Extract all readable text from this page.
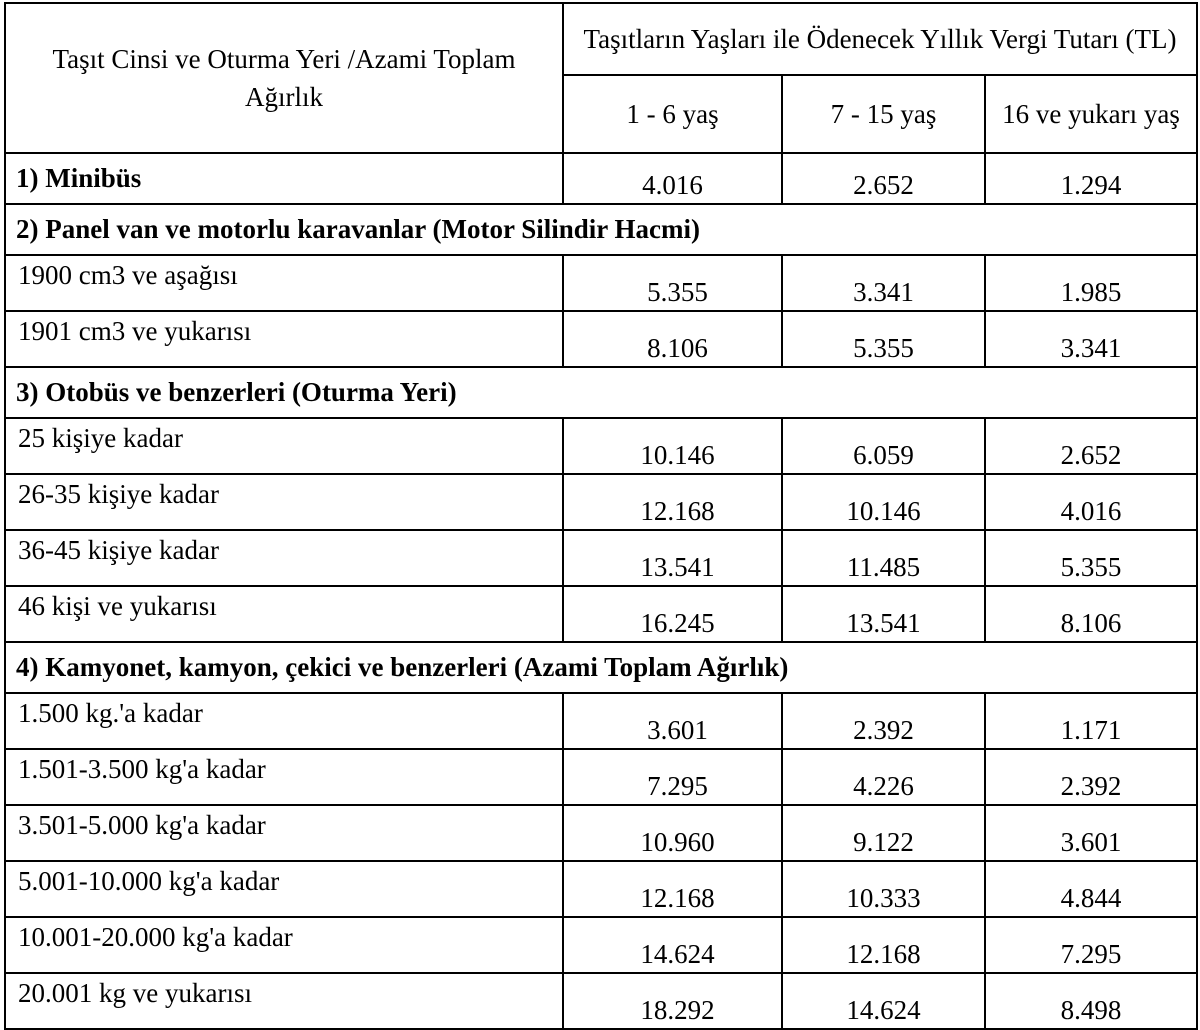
Taşıt Cinsi ve Oturma Yeri /Azami Toplam Ağırlık	Taşıtların Yaşları ile Ödenecek Yıllık Vergi Tutarı (TL)		
	1 - 6 yaş	7 - 15 yaş	16 ve yukarı yaş
1) Minibüs	4.016	2.652	1.294
2) Panel van ve motorlu karavanlar (Motor Silindir Hacmi)			
1900 cm3 ve aşağısı	5.355	3.341	1.985
1901 cm3 ve yukarısı	8.106	5.355	3.341
3) Otobüs ve benzerleri (Oturma Yeri)			
25 kişiye kadar	10.146	6.059	2.652
26-35 kişiye kadar	12.168	10.146	4.016
36-45 kişiye kadar	13.541	11.485	5.355
46 kişi ve yukarısı	16.245	13.541	8.106
4) Kamyonet, kamyon, çekici ve benzerleri (Azami Toplam Ağırlık)			
1.500 kg.'a kadar	3.601	2.392	1.171
1.501-3.500 kg'a kadar	7.295	4.226	2.392
3.501-5.000 kg'a kadar	10.960	9.122	3.601
5.001-10.000 kg'a kadar	12.168	10.333	4.844
10.001-20.000 kg'a kadar	14.624	12.168	7.295
20.001 kg ve yukarısı	18.292	14.624	8.498
